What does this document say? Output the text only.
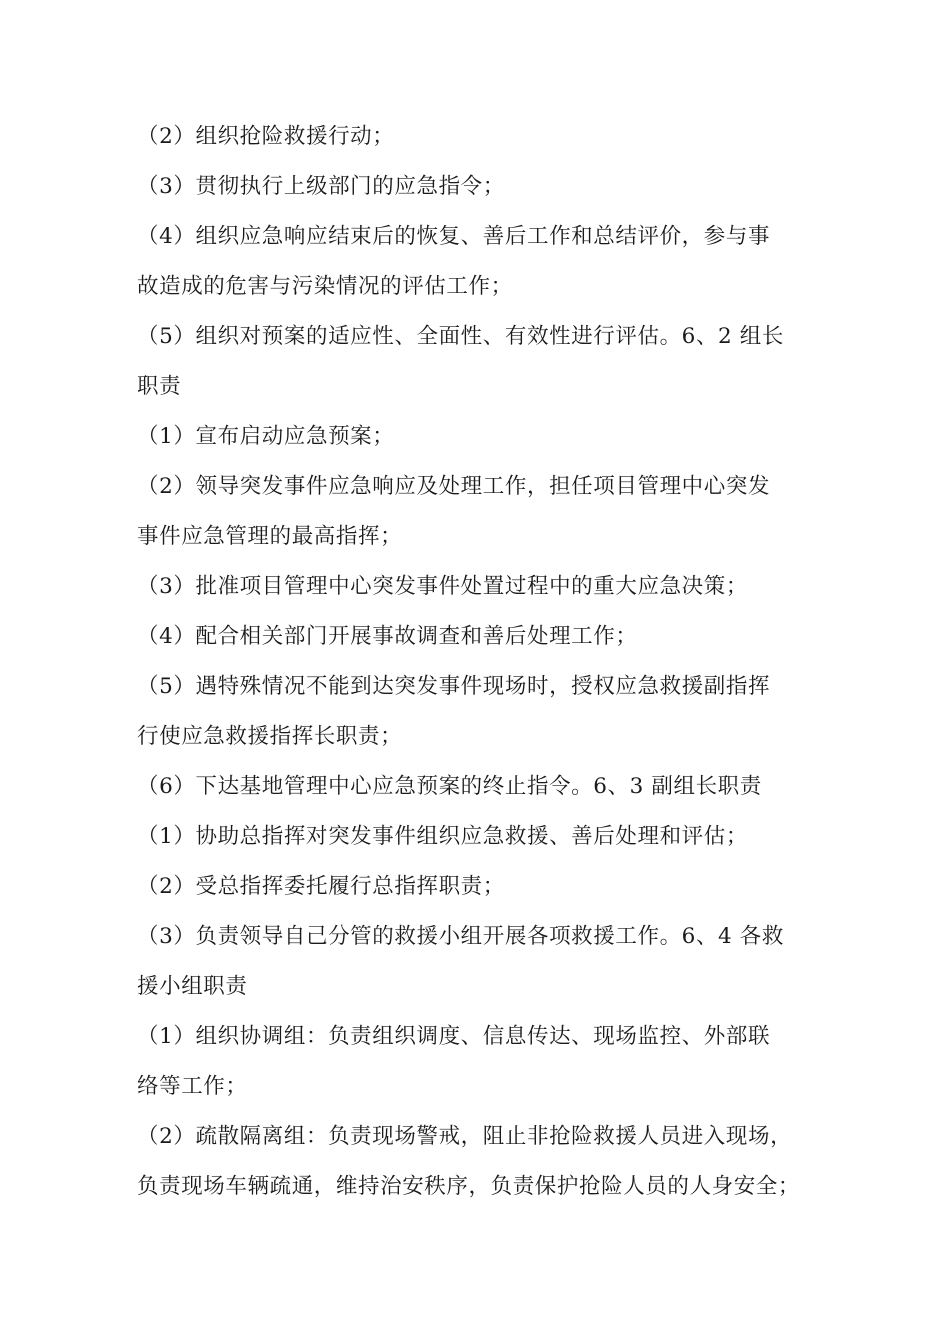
（2）组织抢险救援行动；
（3）贯彻执行上级部门的应急指令；
（4）组织应急响应结束后的恢复、善后工作和总结评价，参与事
故造成的危害与污染情况的评估工作；
（5）组织对预案的适应性、全面性、有效性进行评估。6、2 组长
职责
（1）宣布启动应急预案；
（2）领导突发事件应急响应及处理工作，担任项目管理中心突发
事件应急管理的最高指挥；
（3）批准项目管理中心突发事件处置过程中的重大应急决策；
（4）配合相关部门开展事故调查和善后处理工作；
（5）遇特殊情况不能到达突发事件现场时，授权应急救援副指挥
行使应急救援指挥长职责；
（6）下达基地管理中心应急预案的终止指令。6、3 副组长职责
（1）协助总指挥对突发事件组织应急救援、善后处理和评估；
（2）受总指挥委托履行总指挥职责；
（3）负责领导自己分管的救援小组开展各项救援工作。6、4 各救
援小组职责
（1）组织协调组：负责组织调度、信息传达、现场监控、外部联
络等工作；
（2）疏散隔离组：负责现场警戒，阻止非抢险救援人员进入现场，
负责现场车辆疏通，维持治安秩序，负责保护抢险人员的人身安全；
